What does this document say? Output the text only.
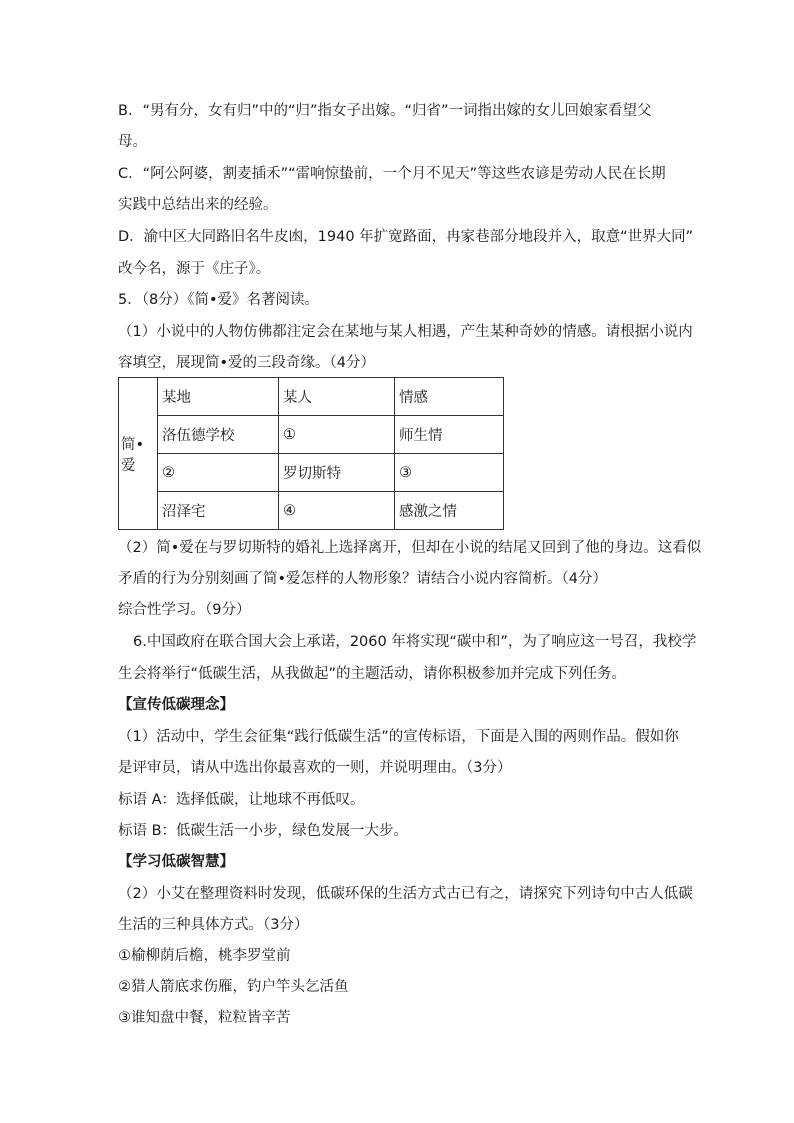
B．“男有分，女有归”中的“归”指女子出嫁。“归省”一词指出嫁的女儿回娘家看望父
母。
C．“阿公阿婆，割麦插禾”“雷响惊蛰前，一个月不见天”等这些农谚是劳动人民在长期
实践中总结出来的经验。
D．渝中区大同路旧名牛皮凼，1940 年扩宽路面，冉家巷部分地段并入，取意“世界大同”
改今名，源于《庄子》。
5．（8分）《简•爱》名著阅读。
（1）小说中的人物仿佛都注定会在某地与某人相遇，产生某种奇妙的情感。请根据小说内
容填空，展现简•爱的三段奇缘。（4分）
简•爱	某地	某人	情感
	洛伍德学校	①	师生情
	②	罗切斯特	③
	沼泽宅	④	感激之情
（2）简•爱在与罗切斯特的婚礼上选择离开，但却在小说的结尾又回到了他的身边。这看似
矛盾的行为分别刻画了简•爱怎样的人物形象？请结合小说内容简析。（4分）
综合性学习。（9分）
6.中国政府在联合国大会上承诺，2060 年将实现“碳中和”，为了响应这一号召，我校学
生会将举行“低碳生活，从我做起”的主题活动，请你积极参加并完成下列任务。
【宣传低碳理念】
（1）活动中，学生会征集“践行低碳生活”的宣传标语，下面是入围的两则作品。假如你
是评审员，请从中选出你最喜欢的一则，并说明理由。（3分）
标语 A：选择低碳，让地球不再低叹。
标语 B：低碳生活一小步，绿色发展一大步。
【学习低碳智慧】
（2）小艾在整理资料时发现，低碳环保的生活方式古已有之，请探究下列诗句中古人低碳
生活的三种具体方式。（3分）
①榆柳荫后檐，桃李罗堂前
②猎人箭底求伤雁，钓户竿头乞活鱼
③谁知盘中餐，粒粒皆辛苦
